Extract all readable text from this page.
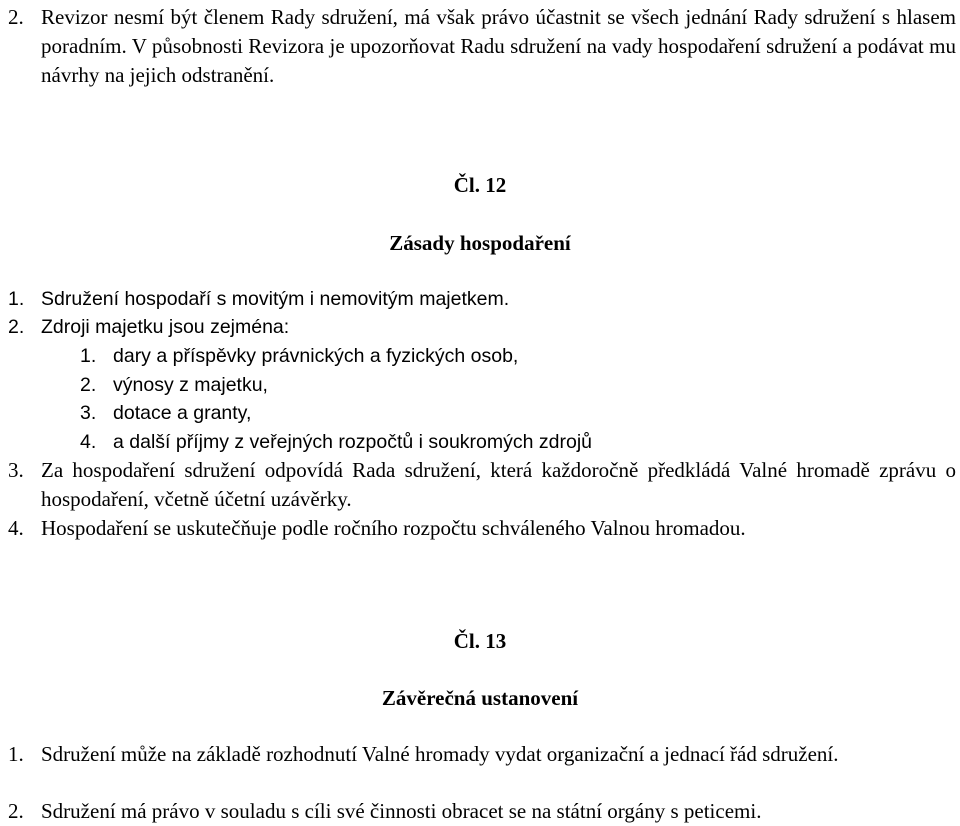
2. Revizor nesmí být členem Rady sdružení, má však právo účastnit se všech jednání Rady sdružení s hlasem poradním. V působnosti Revizora je upozorňovat Radu sdružení na vady hospodaření sdružení a podávat mu návrhy na jejich odstranění.
Čl. 12
Zásady hospodaření
1. Sdružení hospodaří s movitým i nemovitým majetkem.
2. Zdroji majetku jsou zejména:
1. dary a příspěvky právnických a fyzických osob,
2. výnosy z majetku,
3. dotace a granty,
4. a další příjmy z veřejných rozpočtů i soukromých zdrojů
3. Za hospodaření sdružení odpovídá Rada sdružení, která každoročně předkládá Valné hromadě zprávu o hospodaření, včetně účetní uzávěrky.
4. Hospodaření se uskutečňuje podle ročního rozpočtu schváleného Valnou hromadou.
Čl. 13
Závěrečná ustanovení
1. Sdružení může na základě rozhodnutí Valné hromady vydat organizační a jednací řád sdružení.
2. Sdružení má právo v souladu s cíli své činnosti obracet se na státní orgány s peticemi.
